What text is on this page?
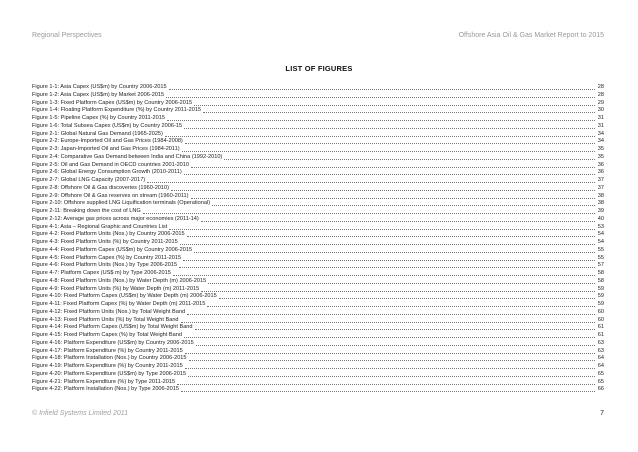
Regional Perspectives	Offshore Asia Oil & Gas Market Report to 2015
LIST OF FIGURES
Figure 1-1: Asia Capex (US$m) by Country 2006-2015	28
Figure 1-2: Asia Capex (US$m) by Market 2006-2015	28
Figure 1-3: Fixed Platform Capex (US$m) by Country 2006-2015	29
Figure 1-4: Floating Platform Expenditure (%) by Country 2011-2015	30
Figure 1-5: Pipeline Capex (%) by Country 2011-2015	31
Figure 1-6: Total Subsea Capex (US$m) by Country 2006-15	31
Figure 2-1: Global Natural Gas Demand (1965-2025)	34
Figure 2-2: Europe-Imported Oil and Gas Prices (1984-2008)	34
Figure 2-3: Japan-Imported Oil and Gas Prices (1984-2011)	35
Figure 2-4: Comparative Gas Demand between India and China (1992-2010)	35
Figure 2-5: Oil and Gas Demand in OECD countries 2001-2010	36
Figure 2-6: Global Energy Consumption Growth (2010-2011)	36
Figure 2-7: Global LNG Capacity (2007-2017)	37
Figure 2-8: Offshore Oil & Gas discoveries (1960-2010)	37
Figure 2-9: Offshore Oil & Gas reserves on stream (1960-2011)	38
Figure 2-10: Offshore supplied LNG Liquification terminals (Operational)	38
Figure 2-11: Breaking down the cost of LNG	39
Figure 2-12: Average gas prices across major economies (2011-14)	40
Figure 4-1: Asia – Regional Graphic and Countries List	53
Figure 4-2: Fixed Platform Units (Nos.) by Country 2006-2015	54
Figure 4-3: Fixed Platform Units (%) by Country 2011-2015	54
Figure 4-4: Fixed Platform Capex (US$m) by Country 2006-2015	55
Figure 4-5: Fixed Platform Capex (%) by Country 2011-2015	55
Figure 4-6: Fixed Platform Units (Nos.) by Type 2006-2015	57
Figure 4-7: Platform Capex (US$ m) by Type 2006-2015	58
Figure 4-8: Fixed Platform Units (Nos.) by Water Depth (m) 2006-2015	58
Figure 4-9: Fixed Platform Units (%) by Water Depth (m) 2011-2015	59
Figure 4-10: Fixed Platform Capex (US$m) by Water Depth (m) 2006-2015	59
Figure 4-11: Fixed Platform Capex (%) by Water Depth (m) 2011-2015	59
Figure 4-12: Fixed Platform Units (Nos.) by Total Weight Band	60
Figure 4-13: Fixed Platform Units (%) by Total Weight Band	60
Figure 4-14: Fixed Platform Capex (US$m) by Total Weight Band	61
Figure 4-15: Fixed Platform Capex (%) by Total Weight Band	61
Figure 4-16: Platform Expenditure (US$m) by Country 2006-2015	63
Figure 4-17: Platform Expenditure (%) by Country 2011-2015	63
Figure 4-18: Platform Installation (Nos.) by Country 2006-2015	64
Figure 4-19: Platform Expenditure (%) by Country 2011-2015	64
Figure 4-20: Platform Expenditure (US$m) by Type 2006-2015	65
Figure 4-21: Platform Expenditure (%) by Type 2011-2015	65
Figure 4-22: Platform Installation (Nos.) by Type 2006-2015	66
© Infield Systems Limited 2011	7
